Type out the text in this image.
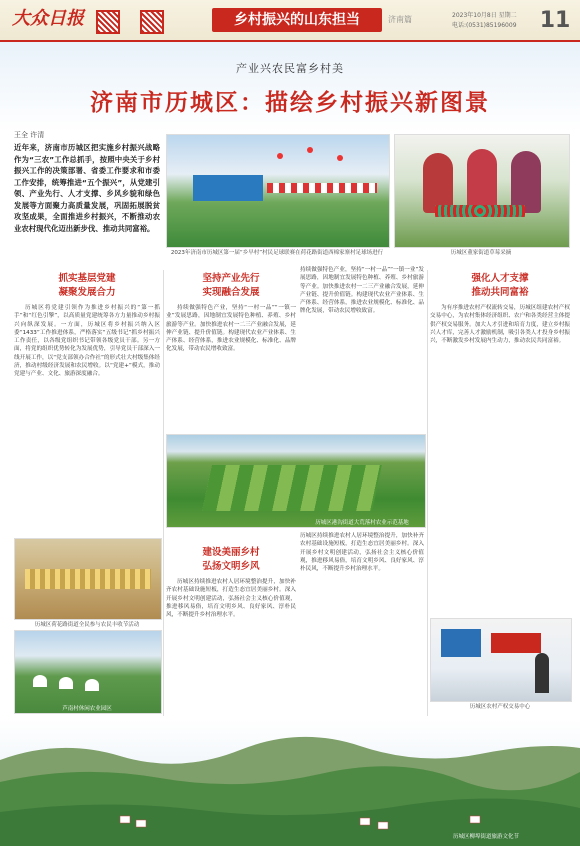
大众日报	乡村振兴的山东担当	济南篇	2023年10月8日 星期二
电话:(0531)85196009 11
产业兴农民富乡村美
济南市历城区：描绘乡村振兴新图景
王全 许清
近年来，济南市历城区把实施乡村振兴战略作为“三农”工作总抓手，按照中央关于乡村振兴工作的决策部署、省委工作要求和市委工作安排，统筹推进“五个振兴”，从党建引领、产业先行、人才支撑、乡风乡貌和绿色发展等方面聚力高质量发展，巩固拓展脱贫攻坚成果，全面推进乡村振兴，不断推动农业农村现代化迈出新步伐、推动共同富裕。
2023年济南市历城区第一届“乡早村”村民足球联赛在荷花路街道西棉家寨村足球场进行	历城区董家街道草莓采摘
抓实基层党建
凝聚发展合力
历城区将党建引领作为推进乡村振兴的“第一抓手”和“红色引擎”，以高质量党建统筹各方力量推动乡村振兴向纵深发展。一方面，历城区将乡村振兴纳入区委“1433”工作推进体系，严格落实“五级书记”抓乡村振兴工作责任，以各级党组织书记带领各级党员干部。另一方面，将党的组织优势转化为发展优势，引导党员干部深入一线开展工作，以“党支部领办合作社”的形式壮大村级集体经济，推动村级经济发展和农民增收。以“党建+”模式，推动党建与产业、文化、旅游深度融合。
历城区荷花路街道全民参与农民丰收节活动
芦南村休闲农业园区
坚持产业先行
实现融合发展
持续做强特色产业，坚持“一村一品”“一镇一业”发展思路，因地制宜发展特色种植、养殖、乡村旅游等产业。加快推进农村一二三产业融合发展，延伸产业链、提升价值链。构建现代农业产业体系、生产体系、经营体系，推进农业规模化、标准化、品牌化发展，带动农民增收致富。
持续做强特色产业，坚持“一村一品”“一镇一业”发展思路，因地制宜发展特色种植、养殖、乡村旅游等产业。加快推进农村一二三产业融合发展，延伸产业链、提升价值链。构建现代农业产业体系、生产体系、经营体系，推进农业规模化、标准化、品牌化发展，带动农民增收致富。
历城区港沟街道大荒落村农业示范基地
建设美丽乡村
弘扬文明乡风
历城区持续推进农村人居环境整治提升，加快补齐农村基础设施短板，打造生态宜居美丽乡村。深入开展乡村文明创建活动，弘扬社会主义核心价值观，推进移风易俗，培育文明乡风、良好家风、淳朴民风，不断提升乡村治理水平。
历城区持续推进农村人居环境整治提升，加快补齐农村基础设施短板，打造生态宜居美丽乡村。深入开展乡村文明创建活动，弘扬社会主义核心价值观，推进移风易俗，培育文明乡风、良好家风、淳朴民风，不断提升乡村治理水平。
强化人才支撑
推动共同富裕
为有序推进农村产权流转交易，历城区组建农村产权交易中心，为农村集体经济组织、农户和各类经营主体提供产权交易服务。加大人才引进和培育力度，建立乡村振兴人才库，完善人才激励机制，吸引各类人才投身乡村振兴，不断激发乡村发展内生动力，推动农民共同富裕。
历城区农村产权交易中心
历城区柳埠街道旅游文化节
